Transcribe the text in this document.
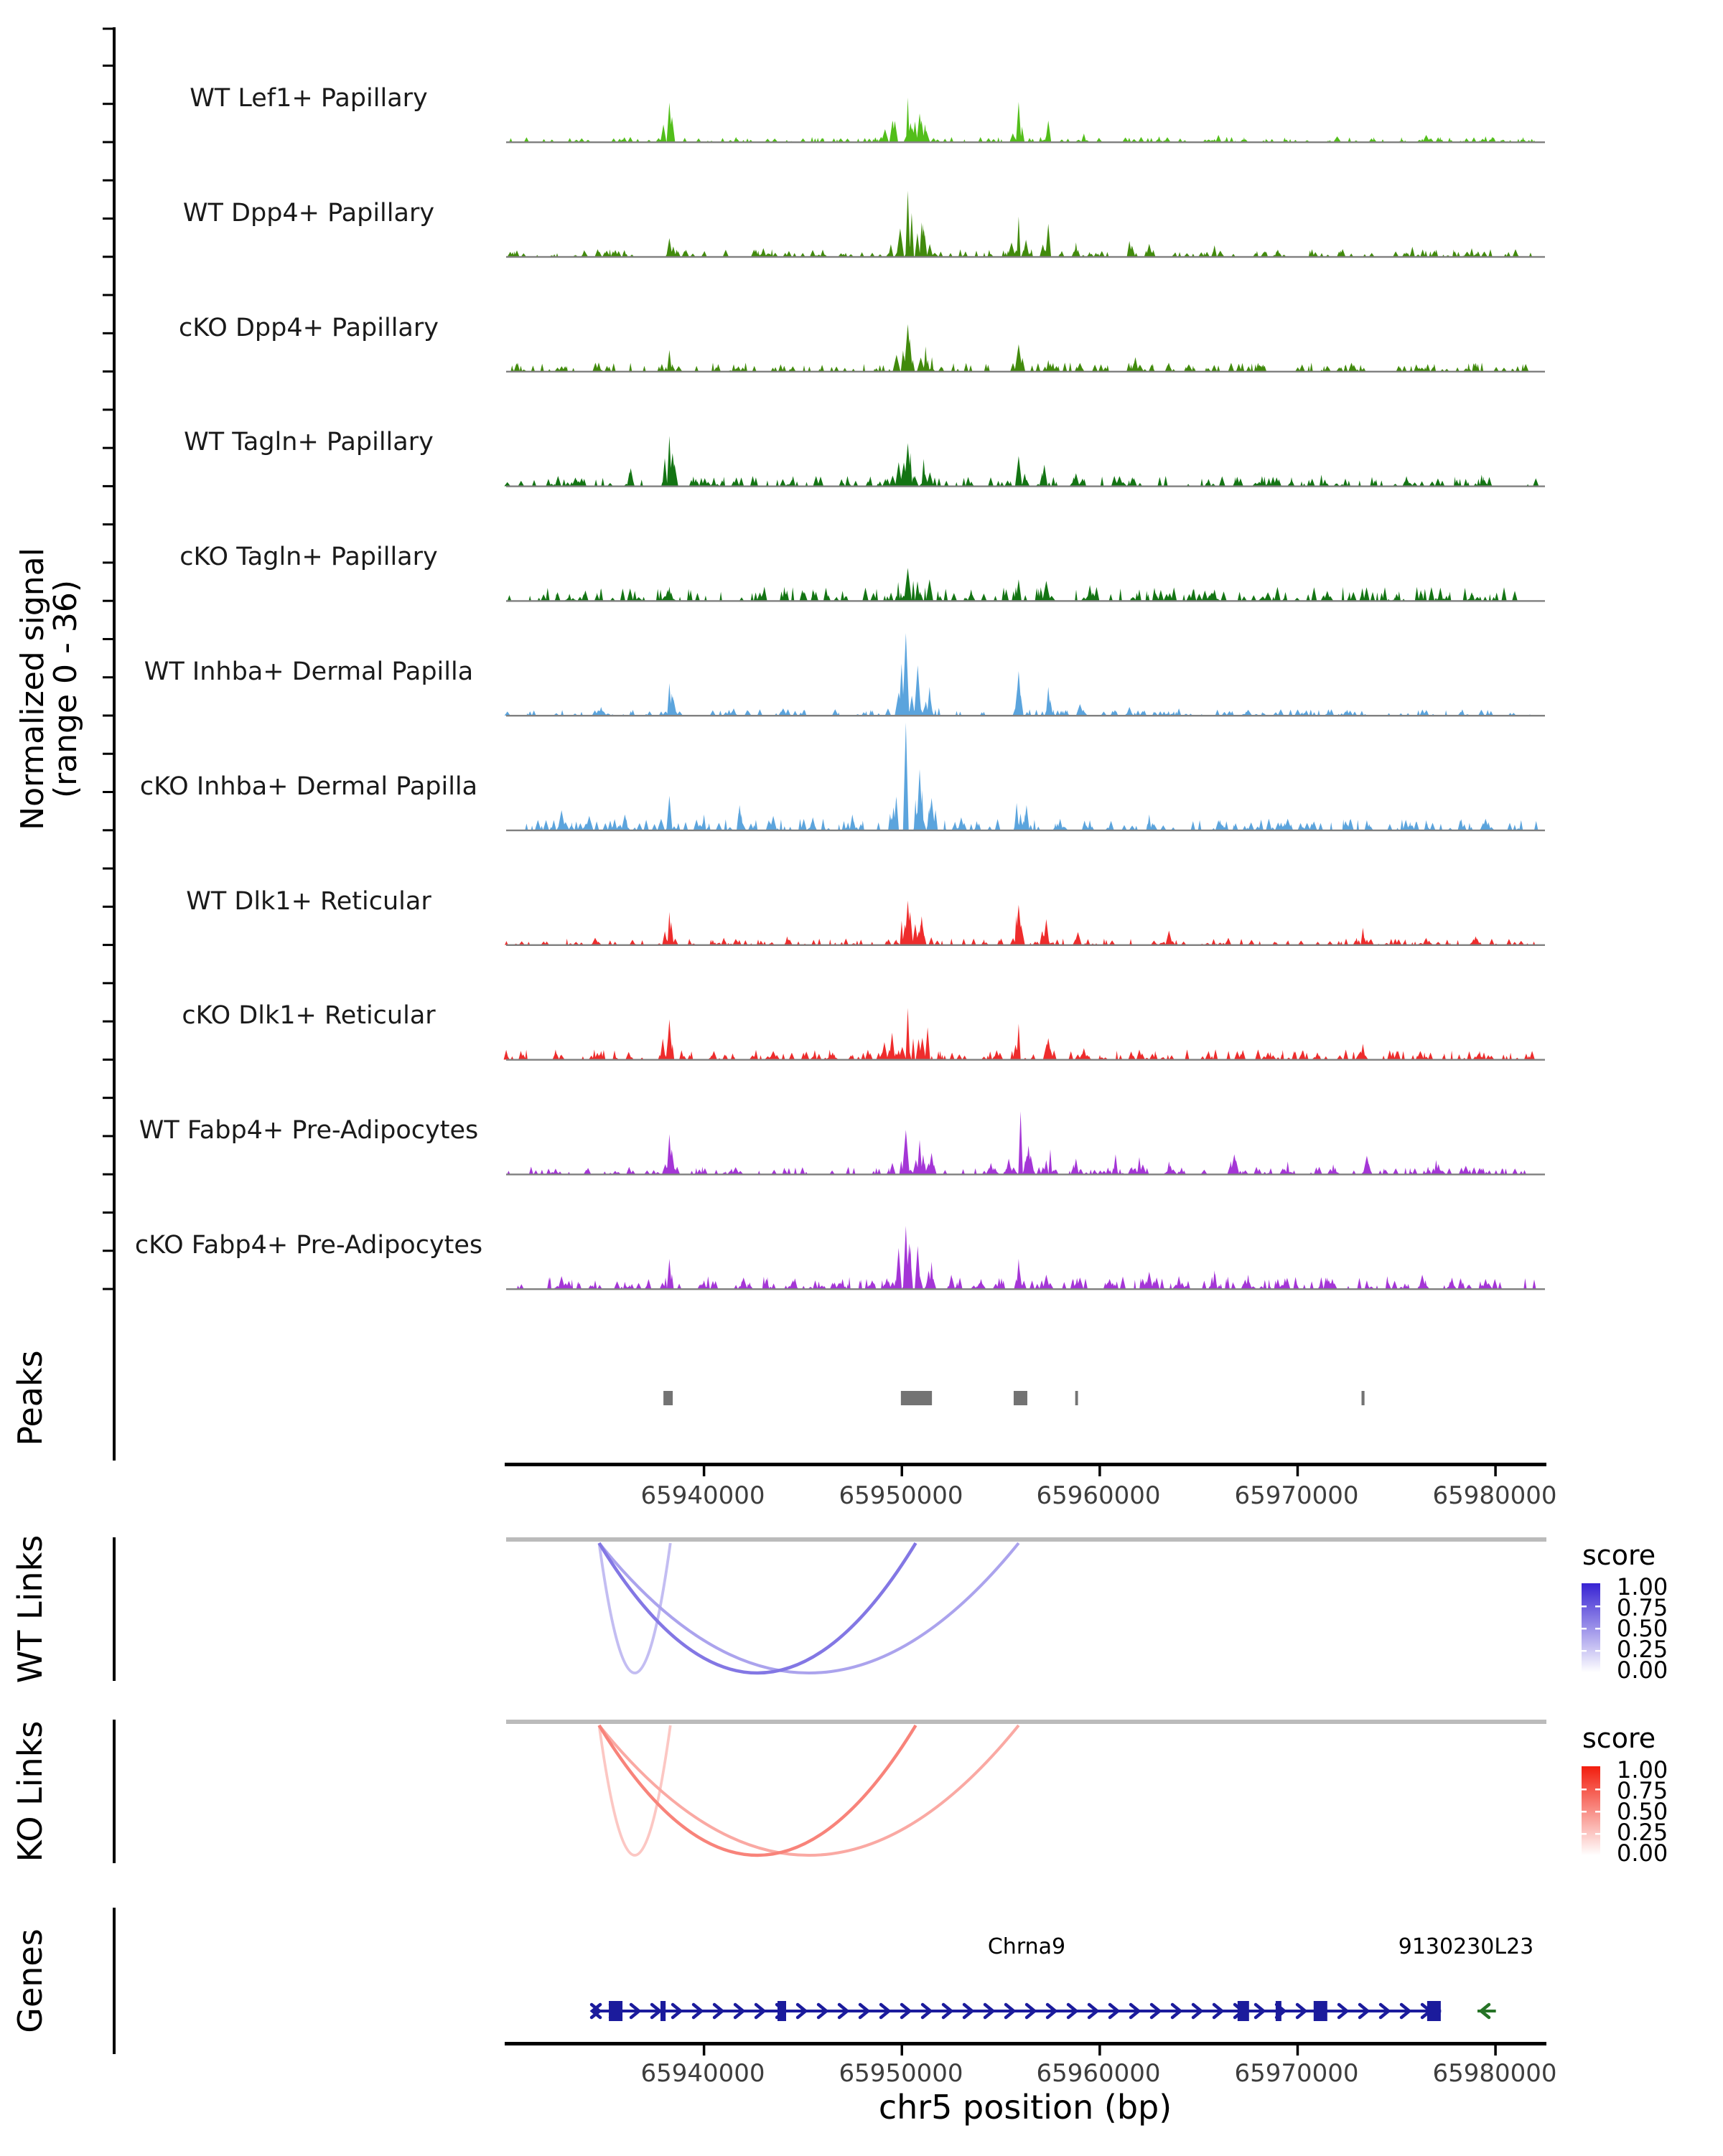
Normalized signal
(range 0 - 36)
Peaks
WT Links
KO Links
Genes
WT Lef1+ Papillary
WT Dpp4+ Papillary
cKO Dpp4+ Papillary
WT Tagln+ Papillary
cKO Tagln+ Papillary
WT Inhba+ Dermal Papilla
cKO Inhba+ Dermal Papilla
WT Dlk1+ Reticular
cKO Dlk1+ Reticular
WT Fabp4+ Pre-Adipocytes
cKO Fabp4+ Pre-Adipocytes
65940000	65950000	65960000	65970000	65980000
score
1.00
0.75
0.50
0.25
0.00
score
1.00
0.75
0.50
0.25
0.00
Chrna9	9130230L23
65940000	65950000	65960000	65970000	65980000
chr5 position (bp)
